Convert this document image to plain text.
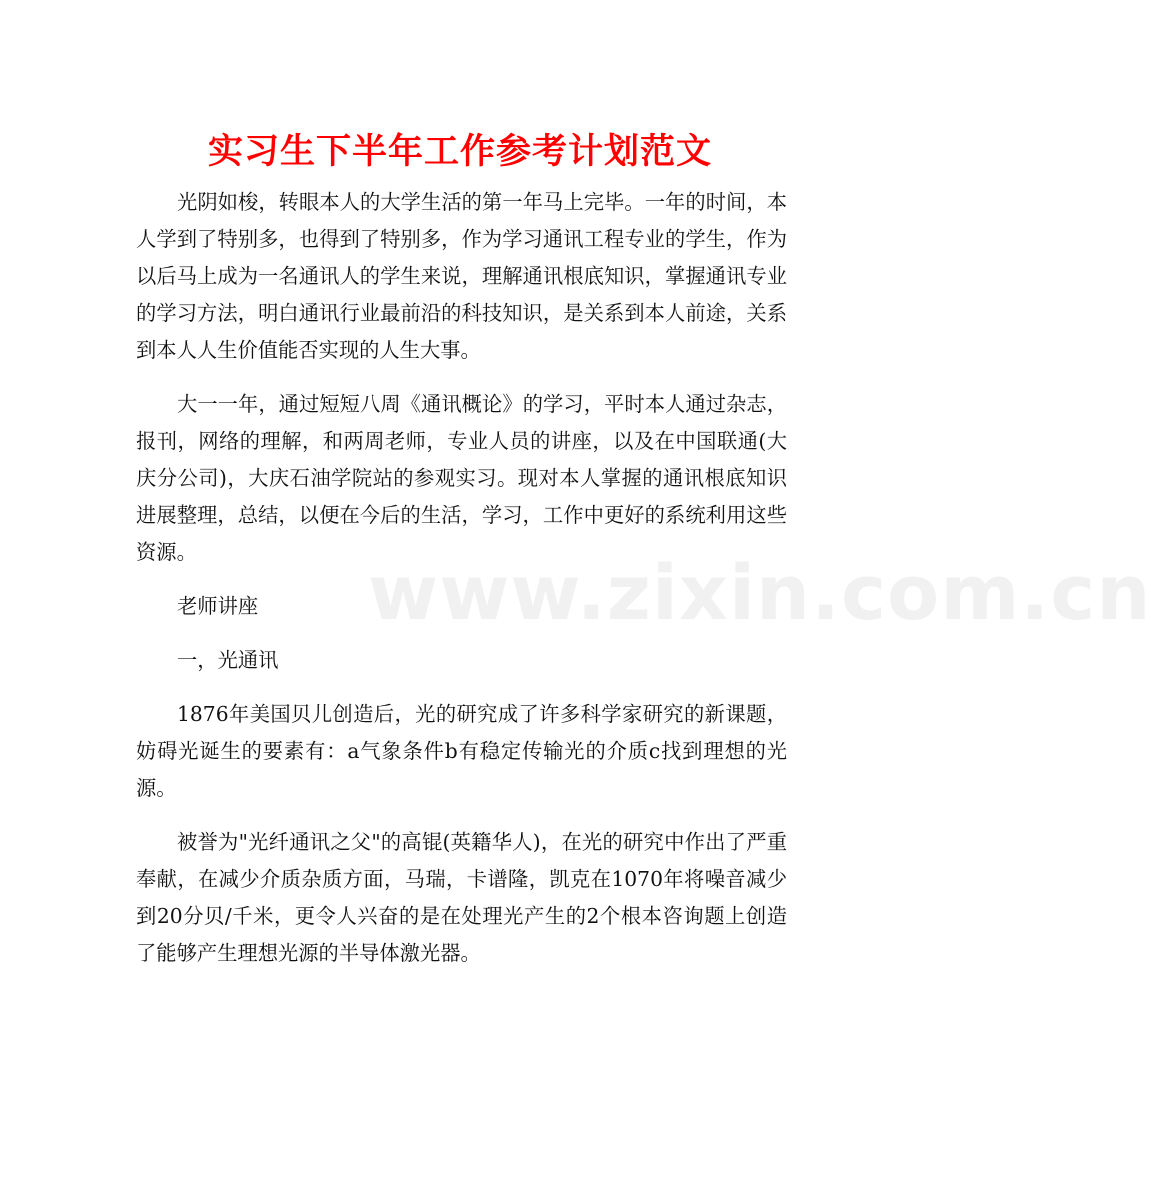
实习生下半年工作参考计划范文
www.zixin.com.cn

光阴如梭，转眼本人的大学生活的第一年马上完毕。一年的时间，本人学到了特别多，也得到了特别多，作为学习通讯工程专业的学生，作为以后马上成为一名通讯人的学生来说，理解通讯根底知识，掌握通讯专业的学习方法，明白通讯行业最前沿的科技知识，是关系到本人前途，关系到本人人生价值能否实现的人生大事。

大一一年，通过短短八周《通讯概论》的学习，平时本人通过杂志，报刊，网络的理解，和两周老师，专业人员的讲座，以及在中国联通(大庆分公司)，大庆石油学院站的参观实习。现对本人掌握的通讯根底知识进展整理，总结，以便在今后的生活，学习，工作中更好的系统利用这些资源。

老师讲座

一，光通讯

1876年美国贝儿创造后，光的研究成了许多科学家研究的新课题，妨碍光诞生的要素有：a气象条件b有稳定传输光的介质c找到理想的光源。

被誉为"光纤通讯之父"的高锟(英籍华人)，在光的研究中作出了严重奉献，在减少介质杂质方面，马瑞，卡谱隆，凯克在1070年将噪音减少到20分贝/千米，更令人兴奋的是在处理光产生的2个根本咨询题上创造了能够产生理想光源的半导体激光器。
